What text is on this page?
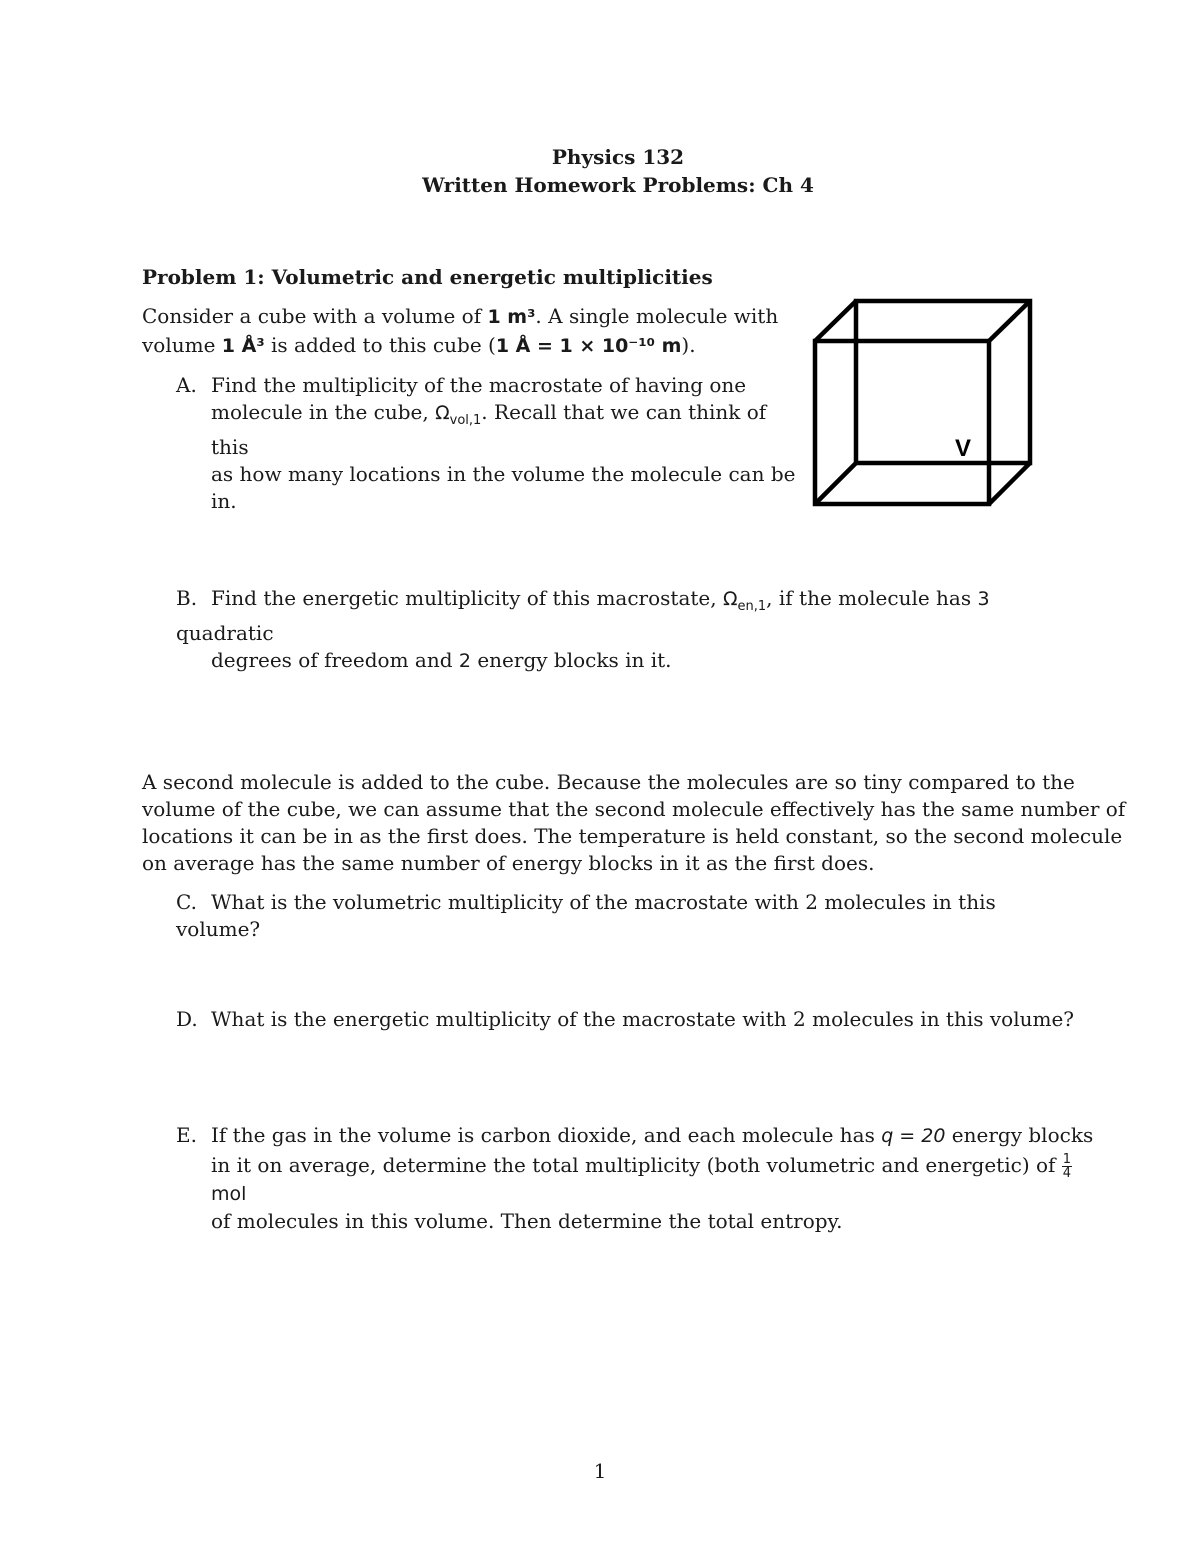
Physics 132

Written Homework Problems: Ch 4

Problem 1: Volumetric and energetic multiplicities

Consider a cube with a volume of 1 m³. A single molecule with

volume 1 Å³ is added to this cube (1 Å = 1 × 10⁻¹⁰ m).

A. Find the multiplicity of the macrostate of having one
molecule in the cube, $\Omega_{vol,1}$. Recall that we can think of this
as how many locations in the volume the molecule can be in.
V
B. Find the energetic multiplicity of this macrostate, $\Omega_{en,1}$, if the molecule has 3 quadratic
degrees of freedom and 2 energy blocks in it.

A second molecule is added to the cube. Because the molecules are so tiny compared to the

volume of the cube, we can assume that the second molecule effectively has the same number of

locations it can be in as the first does. The temperature is held constant, so the second molecule

on average has the same number of energy blocks in it as the first does.

C. What is the volumetric multiplicity of the macrostate with 2 molecules in this volume?
D. What is the energetic multiplicity of the macrostate with 2 molecules in this volume?
E. If the gas in the volume is carbon dioxide, and each molecule has q = 20 energy blocks
in it on average, determine the total multiplicity (both volumetric and energetic) of $\frac{1}{4}$
mol
of molecules in this volume. Then determine the total entropy.

1
